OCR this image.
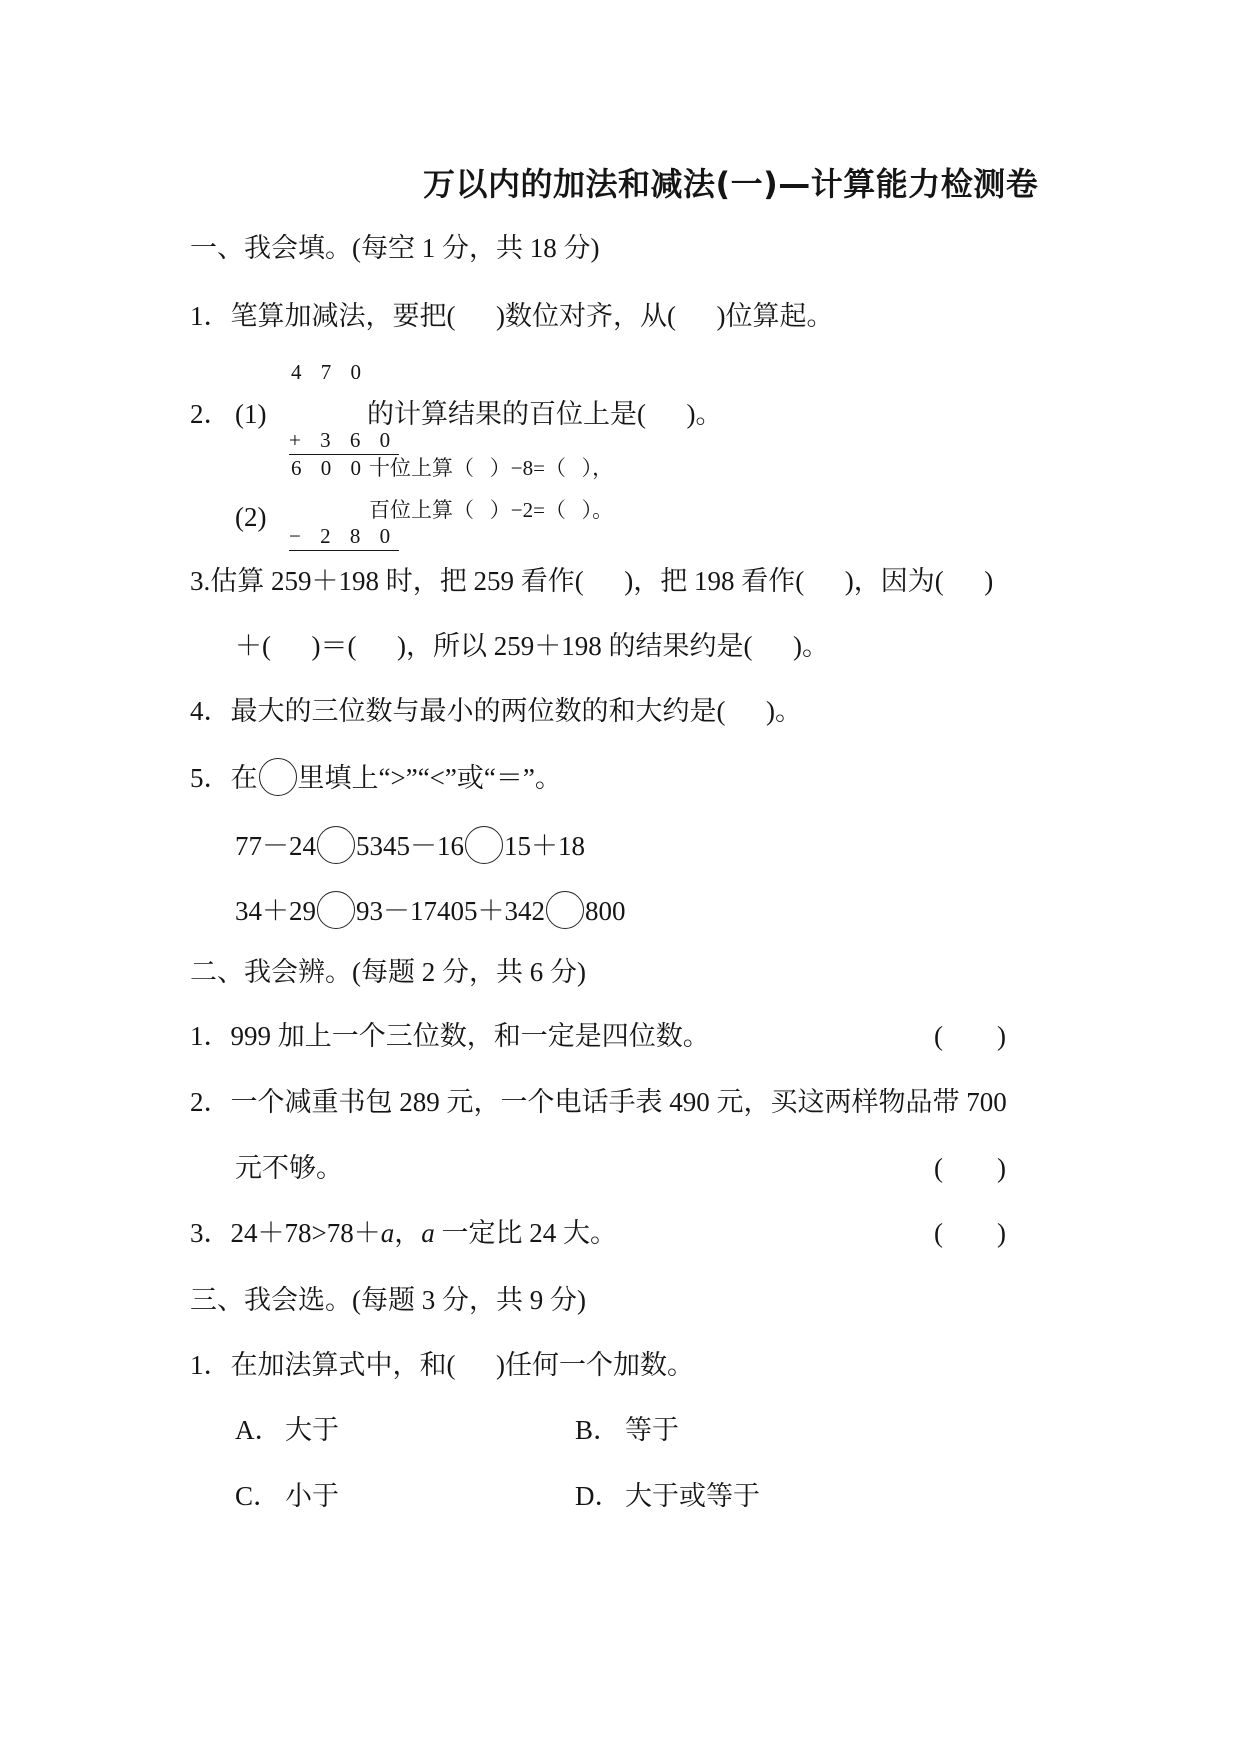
万以内的加法和减法(一)—计算能力检测卷
一、我会填。(每空 1 分，共 18 分)
1．笔算加减法，要把(      )数位对齐，从(      )位算起。
4 7 0
2． (1)

+ 3 6 0

的计算结果的百位上是(      )。
6 0 0 十位上算（   ）−8=（   ），
(2)

− 2 8 0

百位上算（   ）−2=（   ）。
3.估算 259＋198 时，把 259 看作(      )，把 198 看作(      )，因为(      )
＋(      )＝(      )，所以 259＋198 的结果约是(      )。
4．最大的三位数与最小的两位数的和大约是(      )。
5．在 里填上“>”“<”或“＝”。
77－24 5345－16 15＋18
34＋29 93－17405＋342 800
二、我会辨。(每题 2 分，共 6 分)
1．999 加上一个三位数，和一定是四位数。	(        )
2．一个减重书包 289 元，一个电话手表 490 元，买这两样物品带 700
元不够。	(        )
3．24＋78>78＋a，a 一定比 24 大。	(        )
三、我会选。(每题 3 分，共 9 分)
1．在加法算式中，和(      )任何一个加数。
A． 大于	B． 等于
C． 小于	D． 大于或等于
